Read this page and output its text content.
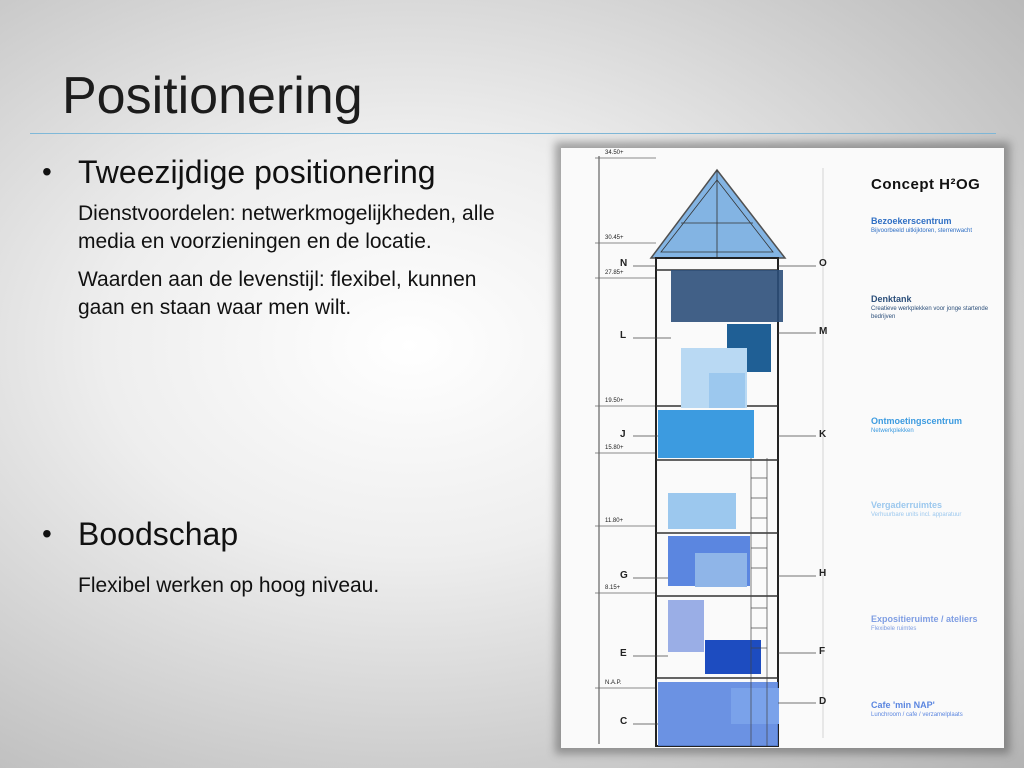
Positionering
• Tweezijdige positionering
Dienstvoordelen: netwerkmogelijkheden, alle media en voorzieningen en de locatie.
Waarden aan de levenstijl: flexibel, kunnen gaan en staan waar men wilt.
• Boodschap
Flexibel werken op hoog niveau.
N
L
J
G
E
C
O
M
K
H
F
D
34.50+
30.45+
27.85+
19.50+
15.80+
11.80+
8.15+
N.A.P.
Concept H²OG
Bezoekerscentrum
Bijvoorbeeld uitkijktoren, sterrenwacht
Denktank
Creatieve werkplekken voor jonge startende bedrijven
Ontmoetingscentrum
Netwerkplekken
Vergaderruimtes
Verhuurbare units incl. apparatuur
Expositieruimte / ateliers
Flexibele ruimtes
Cafe 'min NAP'
Lunchroom / cafe / verzamelplaats
